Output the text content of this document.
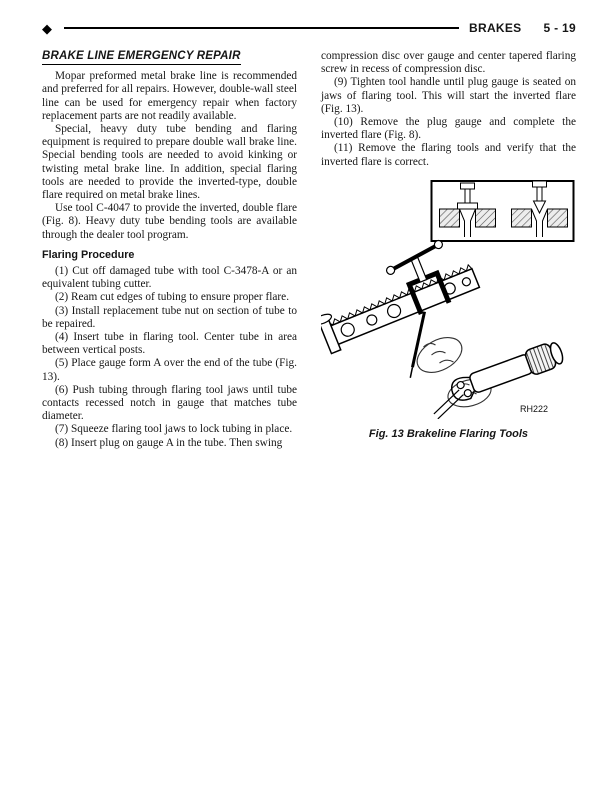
◆	BRAKES 5 - 19
BRAKE LINE EMERGENCY REPAIR

Mopar preformed metal brake line is recommended and preferred for all repairs. However, double-wall steel line can be used for emergency repair when factory replacement parts are not readily available.

Special, heavy duty tube bending and flaring equipment is required to prepare double wall brake line. Special bending tools are needed to avoid kinking or twisting metal brake line. In addition, special flaring tools are needed to provide the inverted-type, double flare required on metal brake lines.

Use tool C-4047 to provide the inverted, double flare (Fig. 8). Heavy duty tube bending tools are available through the dealer tool program.

Flaring Procedure

(1) Cut off damaged tube with tool C-3478-A or an equivalent tubing cutter.

(2) Ream cut edges of tubing to ensure proper flare.

(3) Install replacement tube nut on section of tube to be repaired.

(4) Insert tube in flaring tool. Center tube in area between vertical posts.

(5) Place gauge form A over the end of the tube (Fig. 13).

(6) Push tubing through flaring tool jaws until tube contacts recessed notch in gauge that matches tube diameter.

(7) Squeeze flaring tool jaws to lock tubing in place.

(8) Insert plug on gauge A in the tube. Then swing

compression disc over gauge and center tapered flaring screw in recess of compression disc.

(9) Tighten tool handle until plug gauge is seated on jaws of flaring tool. This will start the inverted flare (Fig. 13).

(10) Remove the plug gauge and complete the inverted flare (Fig. 8).

(11) Remove the flaring tools and verify that the inverted flare is correct.

RH222
Fig. 13 Brakeline Flaring Tools
